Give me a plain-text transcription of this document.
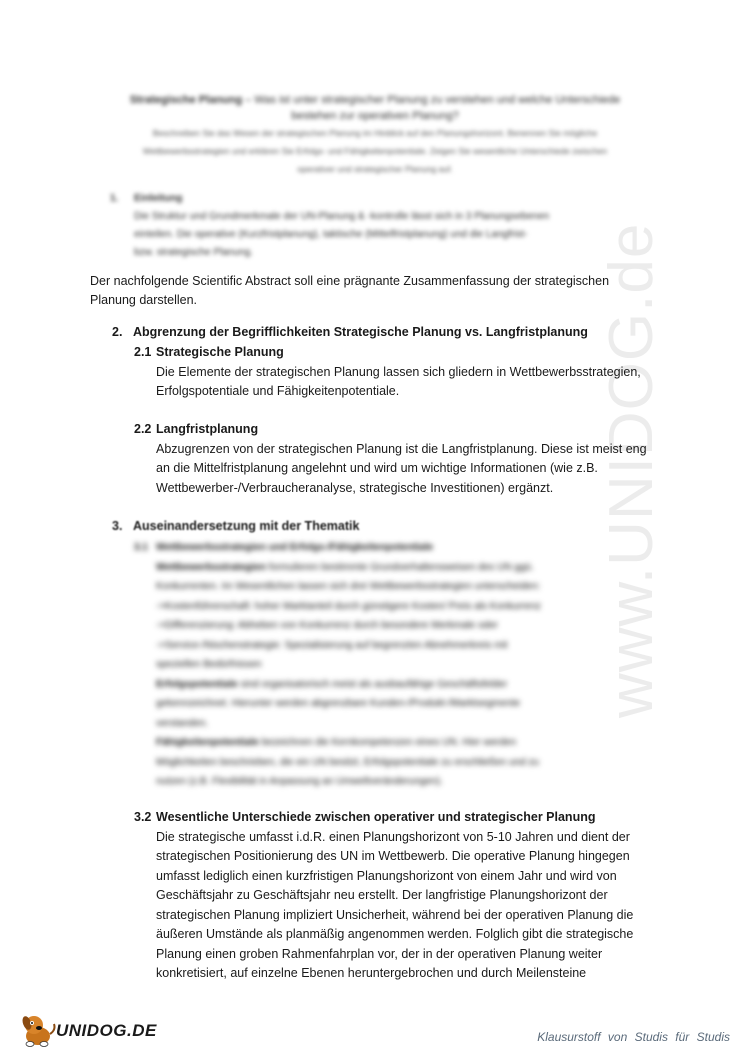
www.UNIDOG.de
Strategische Planung – Was ist unter strategischer Planung zu verstehen und welche Unterschiede
bestehen zur operativen Planung?
Beschreiben Sie das Wesen der strategischen Planung im Hinblick auf den Planungshorizont. Benennen Sie mögliche
Wettbewerbsstrategien und erklären Sie Erfolgs- und Fähigkeitenpotentiale. Zeigen Sie wesentliche Unterschiede zwischen
operativer und strategischer Planung auf.
1. Einleitung
Die Struktur und Grundmerkmale der UN-Planung & -kontrolle lässt sich in 3 Planungsebenen
einteilen. Die operative (Kurzfristplanung), taktische (Mittelfristplanung) und die Langfrist-
bzw. strategische Planung.
Der nachfolgende Scientific Abstract soll eine prägnante Zusammenfassung der strategischen
Planung darstellen.
2. Abgrenzung der Begrifflichkeiten Strategische Planung vs. Langfristplanung
2.1 Strategische Planung
Die Elemente der strategischen Planung lassen sich gliedern in Wettbewerbsstrategien,
Erfolgspotentiale und Fähigkeitenpotentiale.
2.2 Langfristplanung
Abzugrenzen von der strategischen Planung ist die Langfristplanung. Diese ist meist eng
an die Mittelfristplanung angelehnt und wird um wichtige Informationen (wie z.B.
Wettbewerber-/Verbraucheranalyse, strategische Investitionen) ergänzt.
3. Auseinandersetzung mit der Thematik
3.1 Wettbewerbsstrategien und Erfolgs-/Fähigkeitenpotentiale
Wettbewerbsstrategien formulieren bestimmte Grundverhaltensweisen des UN ggü.
Konkurrenten. Im Wesentlichen lassen sich drei Wettbewerbsstrategien unterscheiden:
->Kostenführerschaft: hoher Marktanteil durch günstigere Kosten/ Preis als Konkurrenz
->Differenzierung: Abheben von Konkurrenz durch besondere Merkmale oder
->Service-/Nischenstrategie: Spezialisierung auf begrenzten Abnehmerkreis mit
speziellen Bedürfnissen
Erfolgspotentiale sind organisatorisch meist als ausbaufähige Geschäftsfelder
gekennzeichnet. Hierunter werden abgrenzbare Kunden-/Produkt-/Marktsegmente
verstanden.
Fähigkeitenpotentiale bezeichnen die Kernkompetenzen eines UN. Hier werden
Möglichkeiten beschrieben, die ein UN besitzt, Erfolgspotentiale zu erschließen und zu
nutzen (z.B. Flexibilität in Anpassung an Umweltveränderungen).
3.2 Wesentliche Unterschiede zwischen operativer und strategischer Planung
Die strategische umfasst i.d.R. einen Planungshorizont von 5-10 Jahren und dient der
strategischen Positionierung des UN im Wettbewerb. Die operative Planung hingegen
umfasst lediglich einen kurzfristigen Planungshorizont von einem Jahr und wird von
Geschäftsjahr zu Geschäftsjahr neu erstellt. Der langfristige Planungshorizont der
strategischen Planung impliziert Unsicherheit, während bei der operativen Planung die
äußeren Umstände als planmäßig angenommen werden. Folglich gibt die strategische
Planung einen groben Rahmenfahrplan vor, der in der operativen Planung weiter
konkretisiert, auf einzelne Ebenen heruntergebrochen und durch Meilensteine
UNIDOG.DE	Klausurstoff von Studis für Studis
